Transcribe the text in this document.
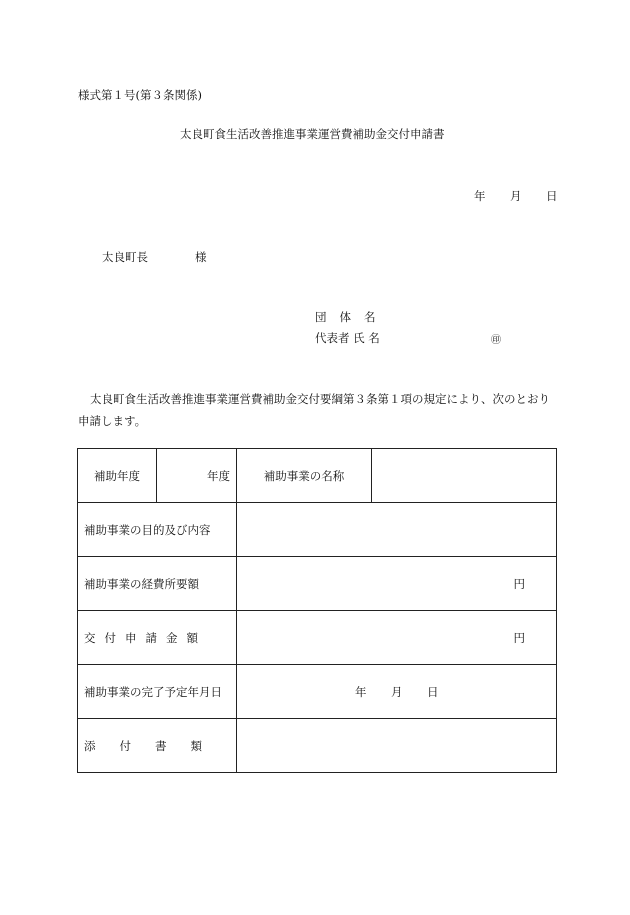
様式第１号(第３条関係)
太良町食生活改善推進事業運営費補助金交付申請書
年 月 日
太良町長	様
団体名
代表者 氏 名	㊞
太良町食生活改善推進事業運営費補助金交付要綱第３条第１項の規定により、次のとおり申請します。
補助年度	年度	補助事業の名称	
補助事業の目的及び内容			
補助事業の経費所要額		円	

交付申請金額		円	

補助事業の完了予定年月日		年 月 日	

添付書類			
